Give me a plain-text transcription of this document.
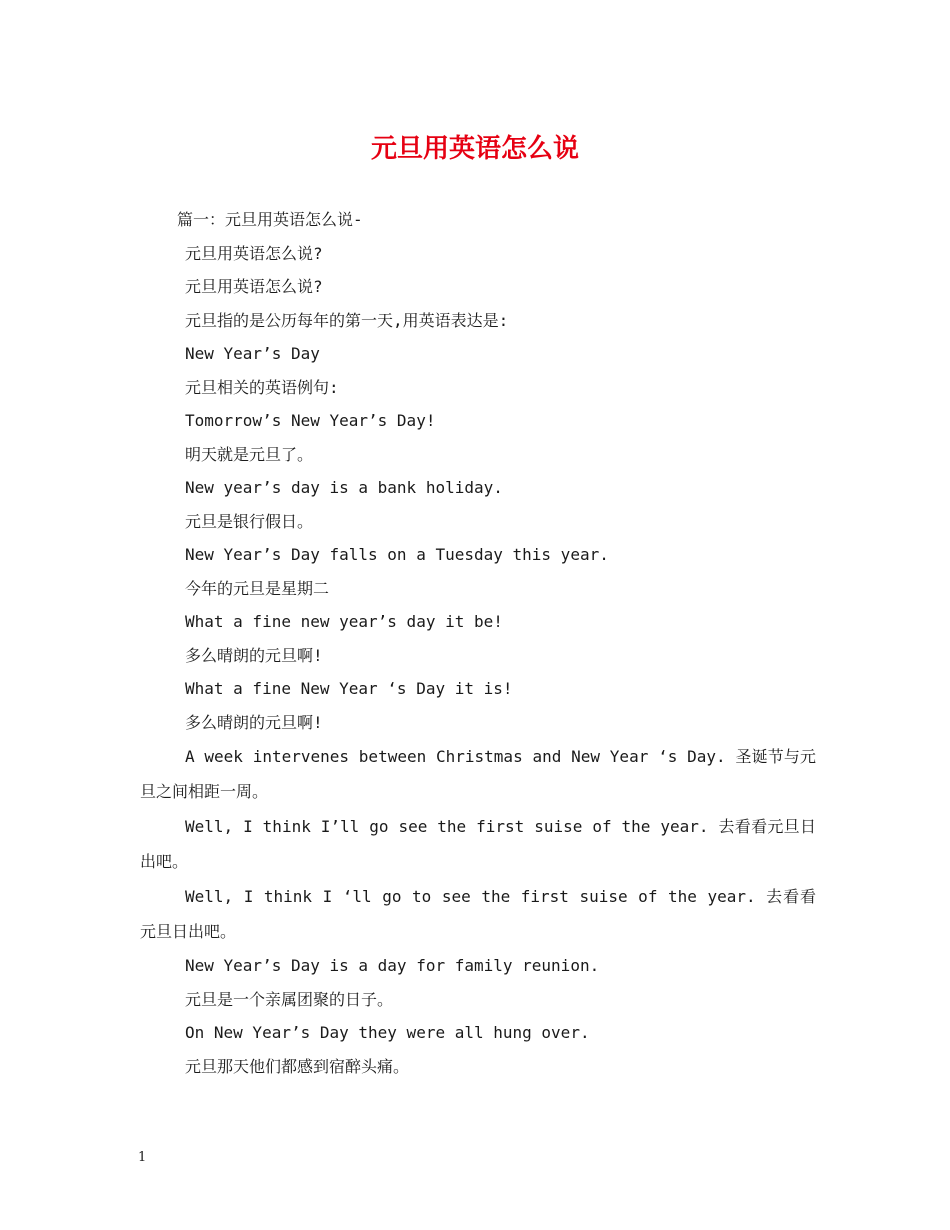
元旦用英语怎么说

篇一：元旦用英语怎么说-

元旦用英语怎么说?

元旦用英语怎么说?

元旦指的是公历每年的第一天,用英语表达是:

New Year’s Day

元旦相关的英语例句:

Tomorrow’s New Year’s Day!

明天就是元旦了。

New year’s day is a bank holiday.

元旦是银行假日。

New Year’s Day falls on a Tuesday this year.

今年的元旦是星期二

What a fine new year’s day it be!

多么晴朗的元旦啊!

What a fine New Year ‘s Day it is!

多么晴朗的元旦啊!

A week intervenes between Christmas and New Year ‘s Day. 圣诞节与元旦之间相距一周。

Well, I think I’ll go see the first suise of the year. 去看看元旦日出吧。

Well, I think I ‘ll go to see the first suise of the year. 去看看元旦日出吧。

New Year’s Day is a day for family reunion.

元旦是一个亲属团聚的日子。

On New Year’s Day they were all hung over.

元旦那天他们都感到宿醉头痛。

1
